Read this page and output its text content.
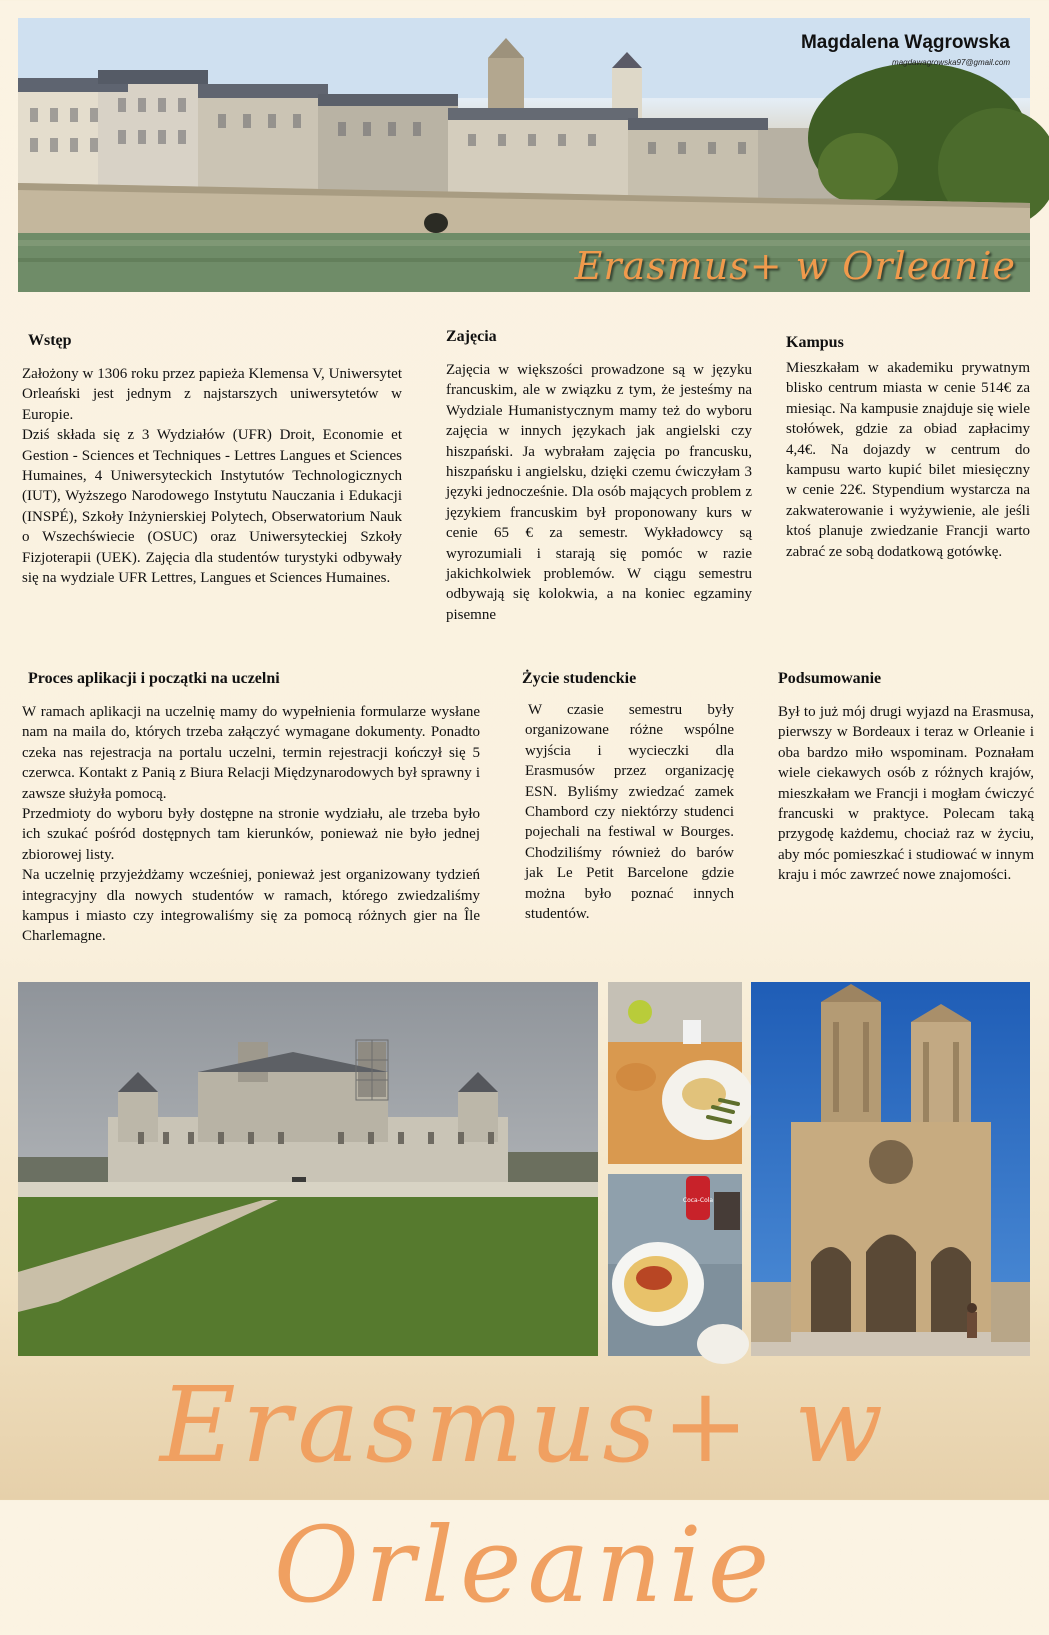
Magdalena Wągrowska
magdawagrowska97@gmail.com
Erasmus+ w Orleanie
Wstęp

Założony w 1306 roku przez papieża Klemensa V, Uniwersytet Orleański jest jednym z najstarszych uniwersytetów w Europie.
Dziś składa się z 3 Wydziałów (UFR) Droit, Economie et Gestion - Sciences et Techniques - Lettres Langues et Sciences Humaines, 4 Uniwersyteckich Instytutów Technologicznych (IUT), Wyższego Narodowego Instytutu Nauczania i Edukacji (INSPÉ), Szkoły Inżynierskiej Polytech, Obserwatorium Nauk o Wszechświecie (OSUC) oraz Uniwersyteckiej Szkoły Fizjoterapii (UEK). Zajęcia dla studentów turystyki odbywały się na wydziale UFR Lettres, Langues et Sciences Humaines.

Zajęcia

Zajęcia w większości prowadzone są w języku francuskim, ale w związku z tym, że jesteśmy na Wydziale Humanistycznym mamy też do wyboru zajęcia w innych językach jak angielski czy hiszpański. Ja wybrałam zajęcia po francusku, hiszpańsku i angielsku, dzięki czemu ćwiczyłam 3 języki jednocześnie. Dla osób mających problem z językiem francuskim był proponowany kurs w cenie 65 € za semestr. Wykładowcy są wyrozumiali i starają się pomóc w razie jakichkolwiek problemów. W ciągu semestru odbywają się kolokwia, a na koniec egzaminy pisemne

Kampus

Mieszkałam w akademiku prywatnym blisko centrum miasta w cenie 514€ za miesiąc. Na kampusie znajduje się wiele stołówek, gdzie za obiad zapłacimy 4,4€. Na dojazdy w centrum do kampusu warto kupić bilet miesięczny w cenie 22€. Stypendium wystarcza na zakwaterowanie i wyżywienie, ale jeśli ktoś planuje zwiedzanie Francji warto zabrać ze sobą dodatkową gotówkę.

Proces aplikacji i początki na uczelni

W ramach aplikacji na uczelnię mamy do wypełnienia formularze wysłane nam na maila do, których trzeba załączyć wymagane dokumenty. Ponadto czeka nas rejestracja na portalu uczelni, termin rejestracji kończył się 5 czerwca. Kontakt z Panią z Biura Relacji Międzynarodowych był sprawny i zawsze służyła pomocą.
Przedmioty do wyboru były dostępne na stronie wydziału, ale trzeba było ich szukać pośród dostępnych tam kierunków, ponieważ nie było jednej zbiorowej listy.
Na uczelnię przyjeżdżamy wcześniej, ponieważ jest organizowany tydzień integracyjny dla nowych studentów w ramach, którego zwiedzaliśmy kampus i miasto czy integrowaliśmy się za pomocą różnych gier na Île Charlemagne.

Życie studenckie

W czasie semestru były organizowane różne wspólne wyjścia i wycieczki dla Erasmusów przez organizację ESN. Byliśmy zwiedzać zamek Chambord czy niektórzy studenci pojechali na festiwal w Bourges. Chodziliśmy również do barów jak Le Petit Barcelone gdzie można było poznać innych studentów.

Podsumowanie

Był to już mój drugi wyjazd na Erasmusa, pierwszy w Bordeaux i teraz w Orleanie i oba bardzo miło wspominam. Poznałam wiele ciekawych osób z różnych krajów, mieszkałam we Francji i mogłam ćwiczyć francuski w praktyce. Polecam taką przygodę każdemu, chociaż raz w życiu, aby móc pomieszkać i studiować w innym kraju i móc zawrzeć nowe znajomości.

Coca-Cola
Erasmus+ w Orleanie
